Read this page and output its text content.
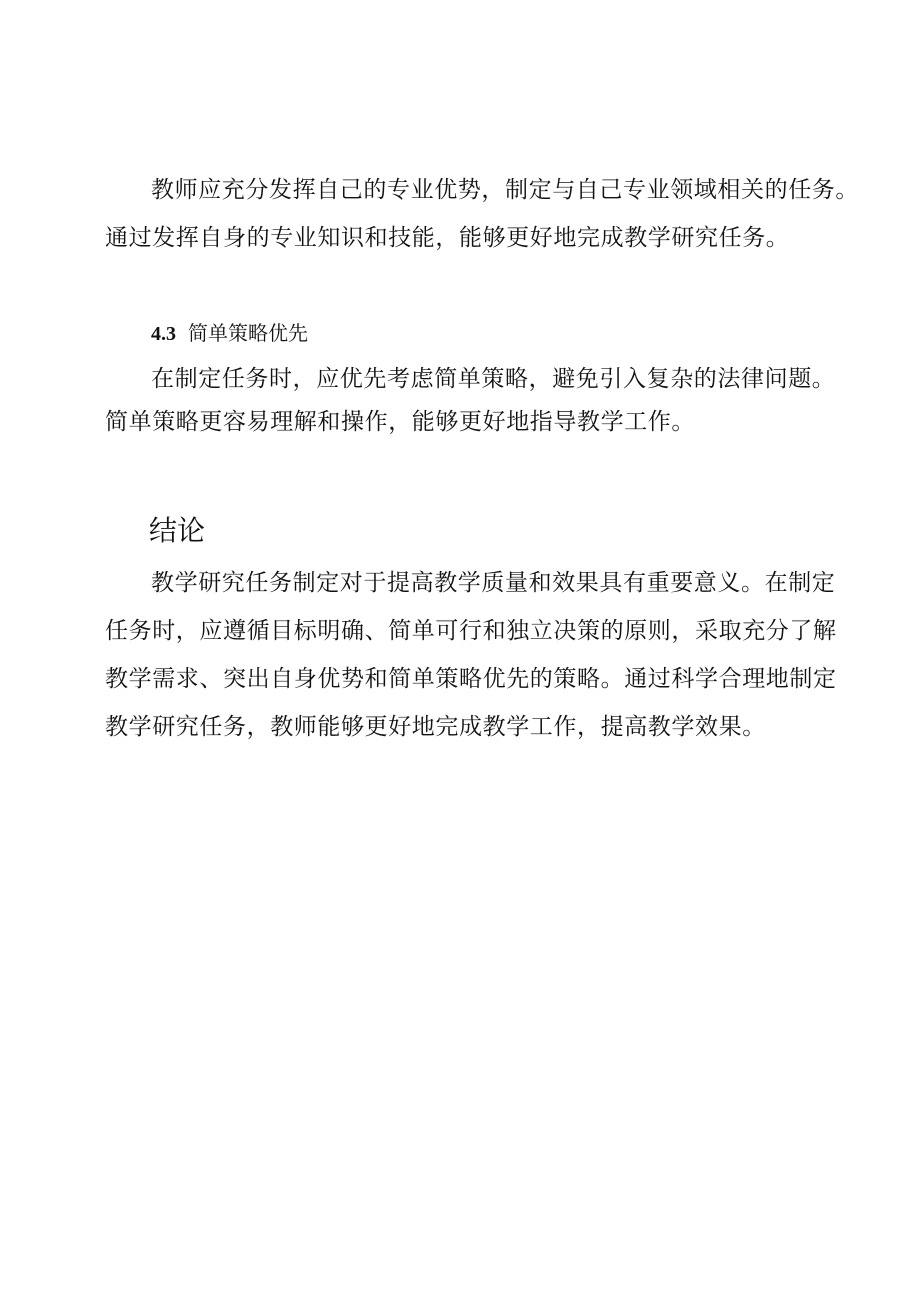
教师应充分发挥自己的专业优势，制定与自己专业领域相关的任务。
通过发挥自身的专业知识和技能，能够更好地完成教学研究任务。
4.3 简单策略优先
在制定任务时，应优先考虑简单策略，避免引入复杂的法律问题。
简单策略更容易理解和操作，能够更好地指导教学工作。
结论
教学研究任务制定对于提高教学质量和效果具有重要意义。在制定
任务时，应遵循目标明确、简单可行和独立决策的原则，采取充分了解
教学需求、突出自身优势和简单策略优先的策略。通过科学合理地制定
教学研究任务，教师能够更好地完成教学工作，提高教学效果。
